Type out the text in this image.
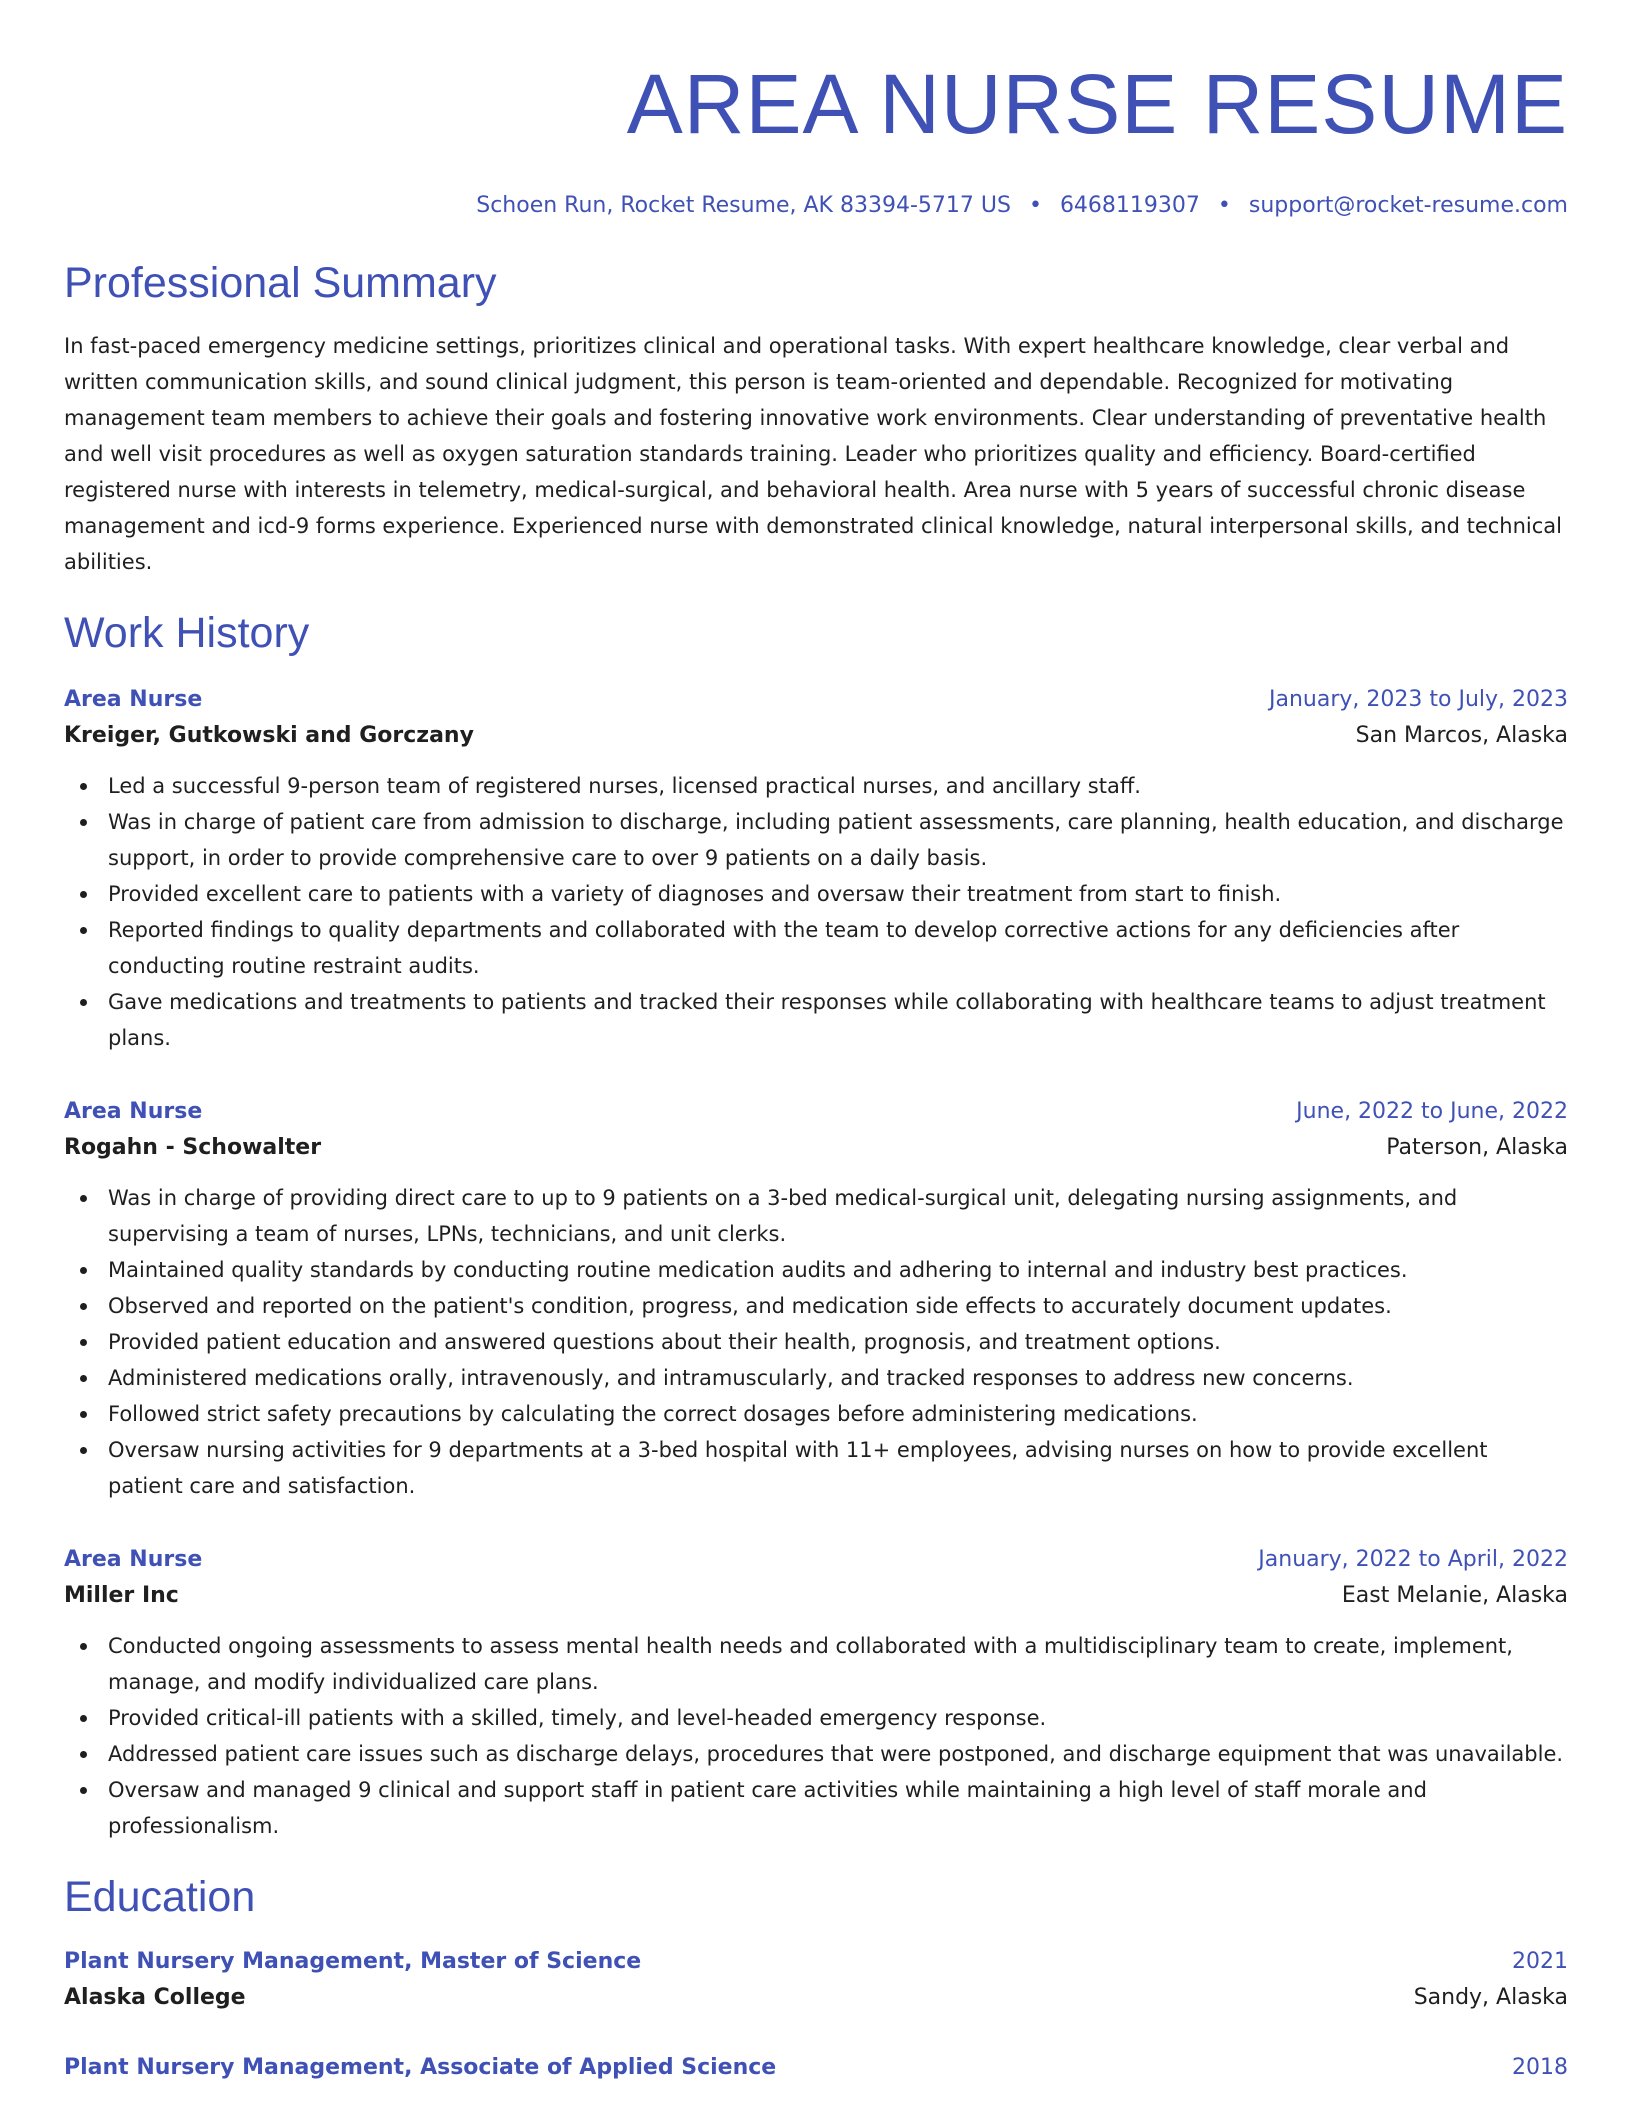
AREA NURSE RESUME
Schoen Run, Rocket Resume, AK 83394-5717 US • 6468119307 • support@rocket-resume.com
Professional Summary

In fast-paced emergency medicine settings, prioritizes clinical and operational tasks. With expert healthcare knowledge, clear verbal and written communication skills, and sound clinical judgment, this person is team-oriented and dependable. Recognized for motivating management team members to achieve their goals and fostering innovative work environments. Clear understanding of preventative health and well visit procedures as well as oxygen saturation standards training. Leader who prioritizes quality and efficiency. Board-certified registered nurse with interests in telemetry, medical-surgical, and behavioral health. Area nurse with 5 years of successful chronic disease management and icd-9 forms experience. Experienced nurse with demonstrated clinical knowledge, natural interpersonal skills, and technical abilities.

Work History
Area Nurse	January, 2023 to July, 2023
Kreiger, Gutkowski and Gorczany	San Marcos, Alaska
Led a successful 9-person team of registered nurses, licensed practical nurses, and ancillary staff.
Was in charge of patient care from admission to discharge, including patient assessments, care planning, health education, and discharge support, in order to provide comprehensive care to over 9 patients on a daily basis.
Provided excellent care to patients with a variety of diagnoses and oversaw their treatment from start to finish.
Reported findings to quality departments and collaborated with the team to develop corrective actions for any deficiencies after conducting routine restraint audits.
Gave medications and treatments to patients and tracked their responses while collaborating with healthcare teams to adjust treatment plans.
Area Nurse	June, 2022 to June, 2022
Rogahn - Schowalter	Paterson, Alaska
Was in charge of providing direct care to up to 9 patients on a 3-bed medical-surgical unit, delegating nursing assignments, and supervising a team of nurses, LPNs, technicians, and unit clerks.
Maintained quality standards by conducting routine medication audits and adhering to internal and industry best practices.
Observed and reported on the patient's condition, progress, and medication side effects to accurately document updates.
Provided patient education and answered questions about their health, prognosis, and treatment options.
Administered medications orally, intravenously, and intramuscularly, and tracked responses to address new concerns.
Followed strict safety precautions by calculating the correct dosages before administering medications.
Oversaw nursing activities for 9 departments at a 3-bed hospital with 11+ employees, advising nurses on how to provide excellent patient care and satisfaction.
Area Nurse	January, 2022 to April, 2022
Miller Inc	East Melanie, Alaska
Conducted ongoing assessments to assess mental health needs and collaborated with a multidisciplinary team to create, implement, manage, and modify individualized care plans.
Provided critical-ill patients with a skilled, timely, and level-headed emergency response.
Addressed patient care issues such as discharge delays, procedures that were postponed, and discharge equipment that was unavailable.
Oversaw and managed 9 clinical and support staff in patient care activities while maintaining a high level of staff morale and professionalism.
Education
Plant Nursery Management, Master of Science	2021
Alaska College	Sandy, Alaska
Plant Nursery Management, Associate of Applied Science	2018
